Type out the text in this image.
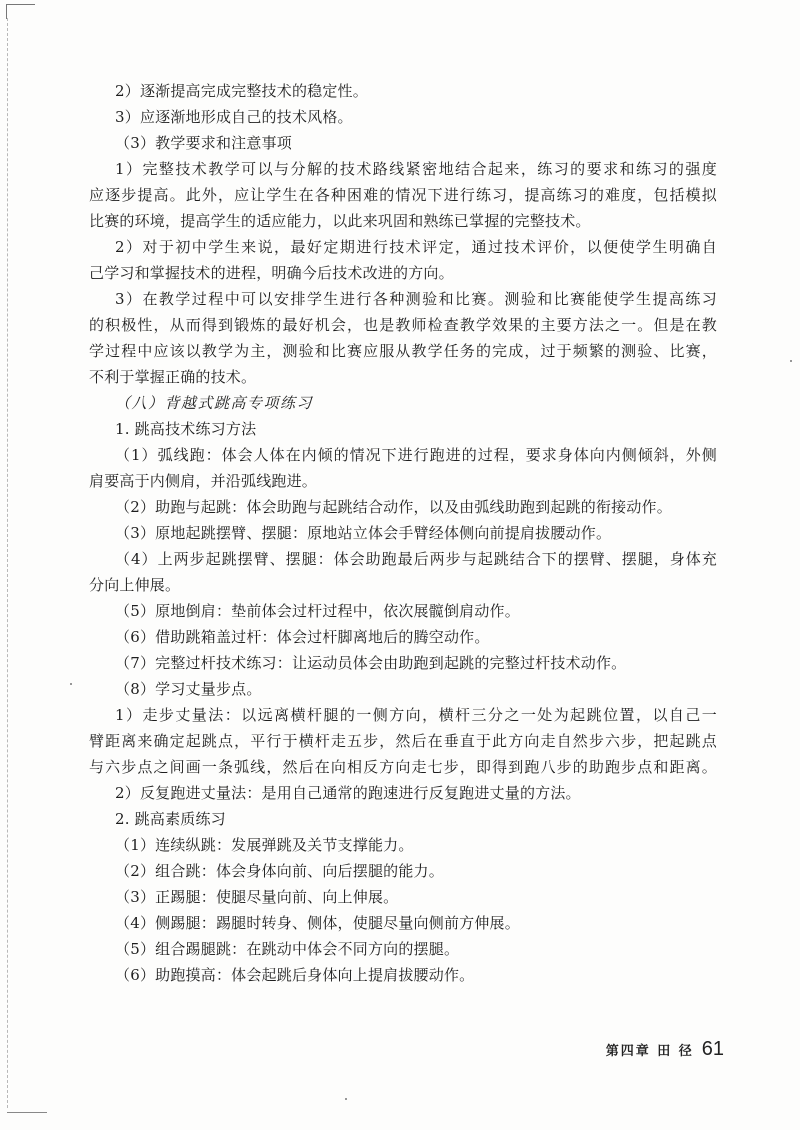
2）逐渐提高完成完整技术的稳定性。
3）应逐渐地形成自己的技术风格。
（3）教学要求和注意事项
1）完整技术教学可以与分解的技术路线紧密地结合起来，练习的要求和练习的强度
应逐步提高。此外，应让学生在各种困难的情况下进行练习，提高练习的难度，包括模拟
比赛的环境，提高学生的适应能力，以此来巩固和熟练已掌握的完整技术。
2）对于初中学生来说，最好定期进行技术评定，通过技术评价，以便使学生明确自
己学习和掌握技术的进程，明确今后技术改进的方向。
3）在教学过程中可以安排学生进行各种测验和比赛。测验和比赛能使学生提高练习
的积极性，从而得到锻炼的最好机会，也是教师检查教学效果的主要方法之一。但是在教
学过程中应该以教学为主，测验和比赛应服从教学任务的完成，过于频繁的测验、比赛，
不利于掌握正确的技术。
（八）背越式跳高专项练习
1. 跳高技术练习方法
（1）弧线跑：体会人体在内倾的情况下进行跑进的过程，要求身体向内侧倾斜，外侧
肩要高于内侧肩，并沿弧线跑进。
（2）助跑与起跳：体会助跑与起跳结合动作，以及由弧线助跑到起跳的衔接动作。
（3）原地起跳摆臂、摆腿：原地站立体会手臂经体侧向前提肩拔腰动作。
（4）上两步起跳摆臂、摆腿：体会助跑最后两步与起跳结合下的摆臂、摆腿，身体充
分向上伸展。
（5）原地倒肩：垫前体会过杆过程中，依次展髋倒肩动作。
（6）借助跳箱盖过杆：体会过杆脚离地后的腾空动作。
（7）完整过杆技术练习：让运动员体会由助跑到起跳的完整过杆技术动作。
（8）学习丈量步点。
1）走步丈量法：以远离横杆腿的一侧方向，横杆三分之一处为起跳位置，以自己一
臂距离来确定起跳点，平行于横杆走五步，然后在垂直于此方向走自然步六步，把起跳点
与六步点之间画一条弧线，然后在向相反方向走七步，即得到跑八步的助跑步点和距离。
2）反复跑进丈量法：是用自己通常的跑速进行反复跑进丈量的方法。
2. 跳高素质练习
（1）连续纵跳：发展弹跳及关节支撑能力。
（2）组合跳：体会身体向前、向后摆腿的能力。
（3）正踢腿：使腿尽量向前、向上伸展。
（4）侧踢腿：踢腿时转身、侧体，使腿尽量向侧前方伸展。
（5）组合踢腿跳：在跳动中体会不同方向的摆腿。
（6）助跑摸高：体会起跳后身体向上提肩拔腰动作。
第四章 田 径 61
